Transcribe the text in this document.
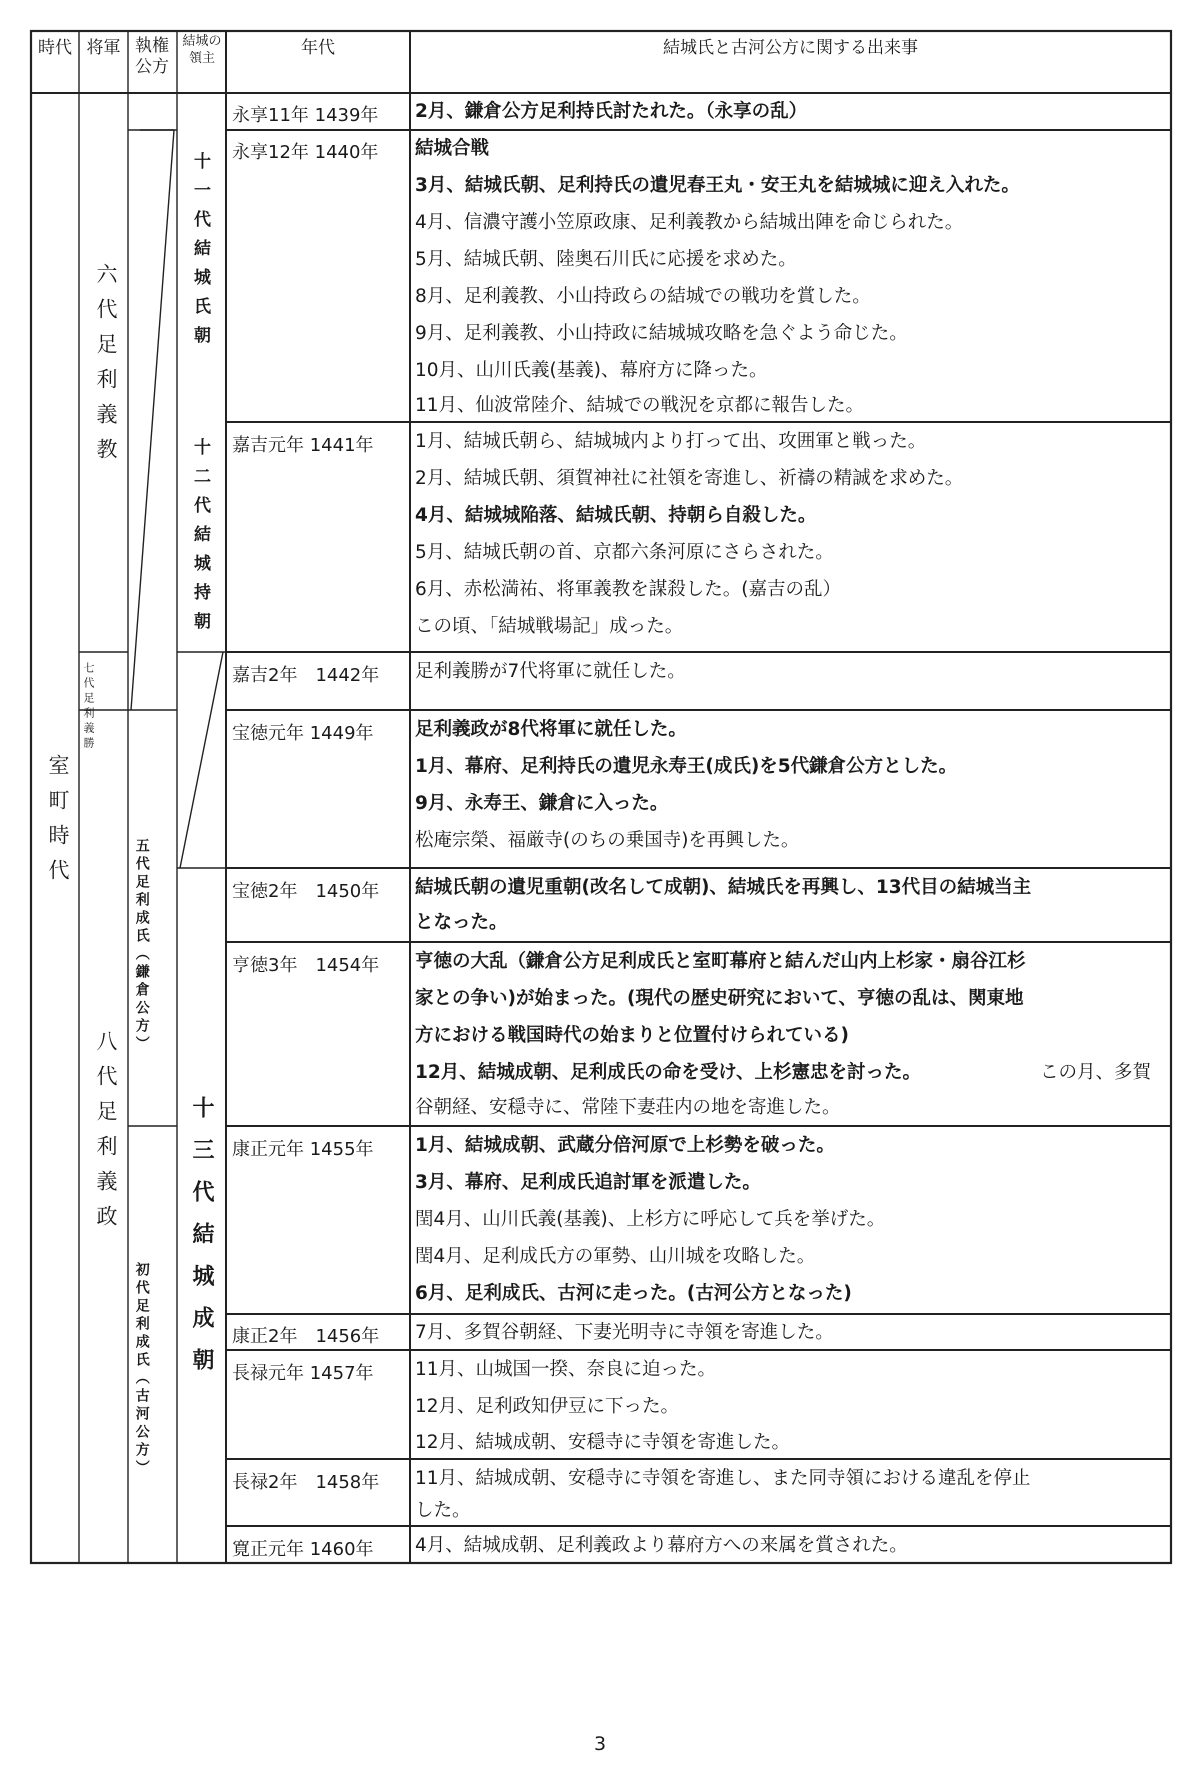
時代 将軍 執権公方
結城の領主
年代	結城氏と古河公方に関する出来事
室町時代
六代足利義教
七代足利義勝
八代足利義政
五代足利成氏（鎌倉公方）
初代足利成氏（古河公方）
十一代結城氏朝
十二代結城持朝
十三代結城成朝
永享11年 1439年 2月、鎌倉公方足利持氏討たれた。（永享の乱）
永享12年 1440年 結城合戦
3月、結城氏朝、足利持氏の遺児春王丸・安王丸を結城城に迎え入れた。
4月、信濃守護小笠原政康、足利義教から結城出陣を命じられた。
5月、結城氏朝、陸奥石川氏に応援を求めた。
8月、足利義教、小山持政らの結城での戦功を賞した。
9月、足利義教、小山持政に結城城攻略を急ぐよう命じた。
10月、山川氏義(基義)、幕府方に降った。
11月、仙波常陸介、結城での戦況を京都に報告した。
嘉吉元年 1441年 1月、結城氏朝ら、結城城内より打って出、攻囲軍と戦った。
2月、結城氏朝、須賀神社に社領を寄進し、祈禱の精誠を求めた。
4月、結城城陥落、結城氏朝、持朝ら自殺した。
5月、結城氏朝の首、京都六条河原にさらされた。
6月、赤松満祐、将軍義教を謀殺した。(嘉吉の乱）
この頃、「結城戦場記」成った。
嘉吉2年　1442年 足利義勝が7代将軍に就任した。
宝徳元年 1449年 足利義政が8代将軍に就任した。
1月、幕府、足利持氏の遺児永寿王(成氏)を5代鎌倉公方とした。
9月、永寿王、鎌倉に入った。
松庵宗榮、福厳寺(のちの乗国寺)を再興した。
宝徳2年　1450年 結城氏朝の遺児重朝(改名して成朝)、結城氏を再興し、13代目の結城当主
となった。
亨徳3年　1454年 亨徳の大乱（鎌倉公方足利成氏と室町幕府と結んだ山内上杉家・扇谷江杉
家との争い)が始まった。(現代の歴史研究において、亨徳の乱は、関東地
方における戦国時代の始まりと位置付けられている)
12月、結城成朝、足利成氏の命を受け、上杉憲忠を討った。	この月、多賀
谷朝経、安穏寺に、常陸下妻荘内の地を寄進した。
康正元年 1455年 1月、結城成朝、武蔵分倍河原で上杉勢を破った。
3月、幕府、足利成氏追討軍を派遣した。
閏4月、山川氏義(基義)、上杉方に呼応して兵を挙げた。
閏4月、足利成氏方の軍勢、山川城を攻略した。
6月、足利成氏、古河に走った。(古河公方となった)
康正2年　1456年 7月、多賀谷朝経、下妻光明寺に寺領を寄進した。
長禄元年 1457年 11月、山城国一揆、奈良に迫った。
12月、足利政知伊豆に下った。
12月、結城成朝、安穏寺に寺領を寄進した。
長禄2年　1458年 11月、結城成朝、安穏寺に寺領を寄進し、また同寺領における違乱を停止
した。
寛正元年 1460年 4月、結城成朝、足利義政より幕府方への来属を賞された。
3
